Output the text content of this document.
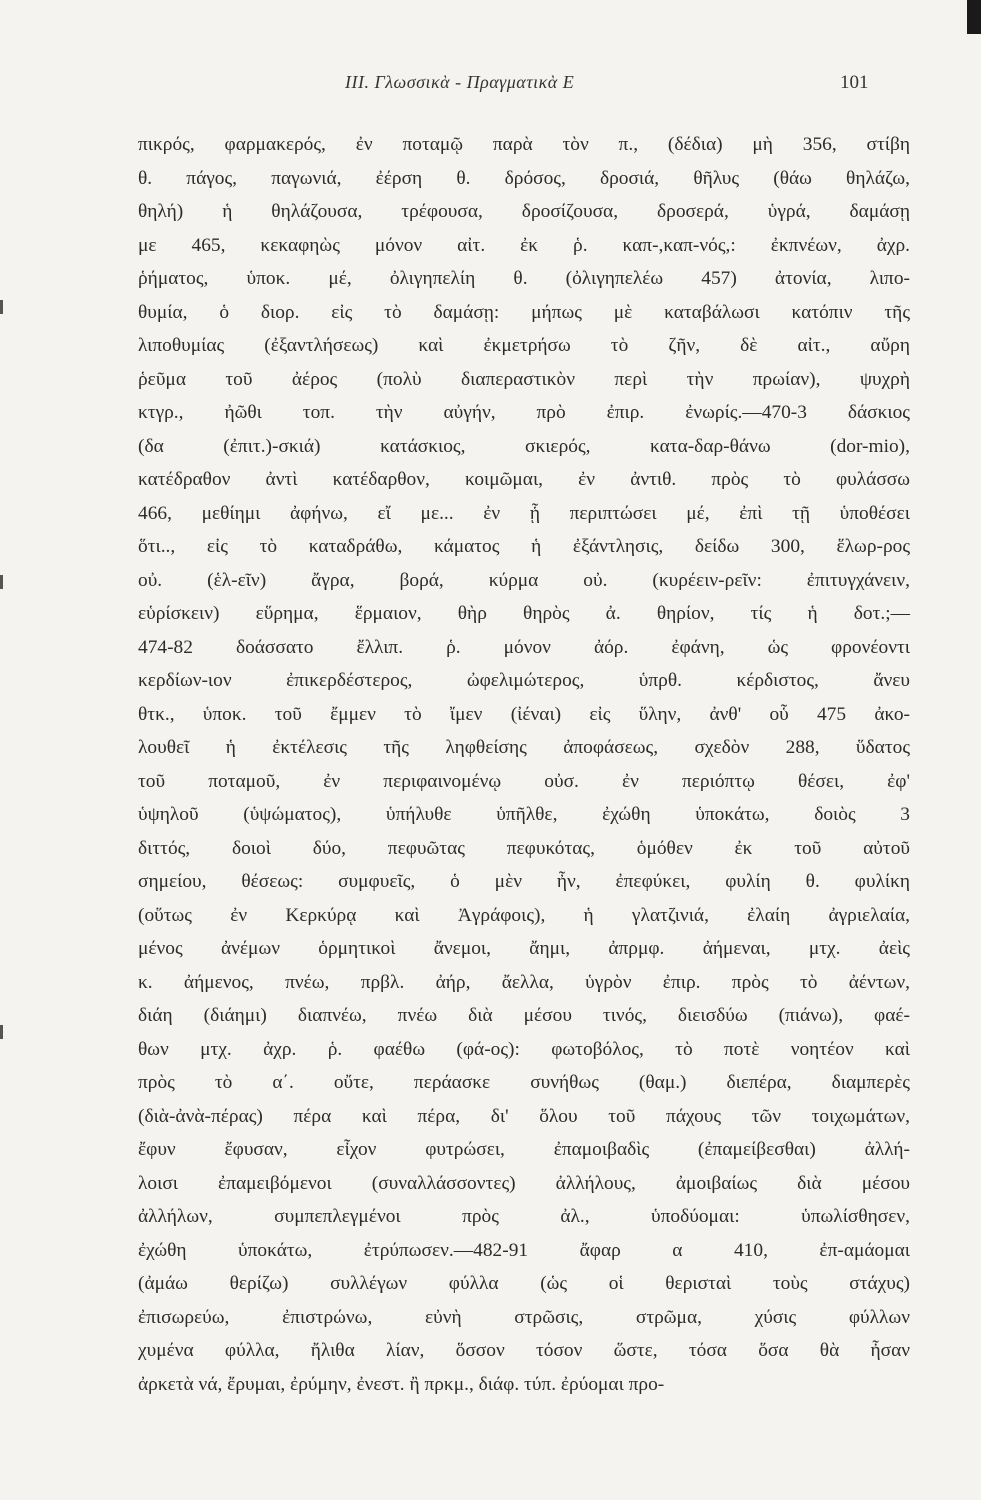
III. Γλωσσικὰ - Πραγματικὰ Ε	101
πικρός, φαρμακερός, ἐν ποταμῷ παρὰ τὸν π., (δέδια) μὴ 356, στίβη
θ. πάγος, παγωνιά, ἐέρση θ. δρόσος, δροσιά, θῆλυς (θάω θηλάζω,
θηλή) ἡ θηλάζουσα, τρέφουσα, δροσίζουσα, δροσερά, ὑγρά, δαμάσῃ
με 465, κεκαφηὼς μόνον αἰτ. ἐκ ῥ. καπ-,καπ-νός,: ἐκπνέων, ἀχρ.
ῥήματος, ὑποκ. μέ, ὀλιγηπελίη θ. (ὀλιγηπελέω 457) ἀτονία, λιπο-
θυμία, ὁ διορ. εἰς τὸ δαμάσῃ: μήπως μὲ καταβάλωσι κατόπιν τῆς
λιποθυμίας (ἐξαντλήσεως) καὶ ἐκμετρήσω τὸ ζῆν, δὲ αἰτ., αὔρη
ῥεῦμα τοῦ ἀέρος (πολὺ διαπεραστικὸν περὶ τὴν πρωίαν), ψυχρὴ
κτγρ., ἠῶθι τοπ. τὴν αὐγήν, πρὸ ἐπιρ. ἐνωρίς.—470-3 δάσκιος
(δα (ἐπιτ.)-σκιά) κατάσκιος, σκιερός, κατα-δαρ-θάνω (dor-mio),
κατέδραθον ἀντὶ κατέδαρθον, κοιμῶμαι, ἐν ἀντιθ. πρὸς τὸ φυλάσσω
466, μεθίημι ἀφήνω, εἴ με... ἐν ᾗ περιπτώσει μέ, ἐπὶ τῇ ὑποθέσει
ὅτι.., εἰς τὸ καταδράθω, κάματος ἡ ἐξάντλησις, δείδω 300, ἕλωρ-ρος
οὐ. (ἑλ-εῖν) ἄγρα, βορά, κύρμα οὐ. (κυρέειν-ρεῖν: ἐπιτυγχάνειν,
εὑρίσκειν) εὕρημα, ἕρμαιον, θὴρ θηρὸς ἀ. θηρίον, τίς ἡ δοτ.;—
474-82 δοάσσατο ἔλλιπ. ῥ. μόνον ἀόρ. ἐφάνη, ὡς φρονέοντι
κερδίων-ιον ἐπικερδέστερος, ὠφελιμώτερος, ὑπρθ. κέρδιστος, ἄνευ
θτκ., ὑποκ. τοῦ ἔμμεν τὸ ἴμεν (ἰέναι) εἰς ὕλην, ἀνθ' οὗ 475 ἀκο-
λουθεῖ ἡ ἐκτέλεσις τῆς ληφθείσης ἀποφάσεως, σχεδὸν 288, ὕδατος
τοῦ ποταμοῦ, ἐν περιφαινομένῳ οὐσ. ἐν περιόπτῳ θέσει, ἐφ'
ὑψηλοῦ (ὑψώματος), ὑπήλυθε ὑπῆλθε, ἐχώθη ὑποκάτω, δοιὸς 3
διττός, δοιοὶ δύο, πεφυῶτας πεφυκότας, ὁμόθεν ἐκ τοῦ αὐτοῦ
σημείου, θέσεως: συμφυεῖς, ὁ μὲν ἦν, ἐπεφύκει, φυλίη θ. φυλίκη
(οὕτως ἐν Κερκύρᾳ καὶ Ἀγράφοις), ἡ γλατζινιά, ἐλαίη ἀγριελαία,
μένος ἀνέμων ὁρμητικοὶ ἄνεμοι, ἄημι, ἀπρμφ. ἀήμεναι, μτχ. ἀεὶς
κ. ἀήμενος, πνέω, πρβλ. ἀήρ, ἄελλα, ὑγρὸν ἐπιρ. πρὸς τὸ ἀέντων,
διάη (διάημι) διαπνέω, πνέω διὰ μέσου τινός, διεισδύω (πιάνω), φαέ-
θων μτχ. ἀχρ. ῥ. φαέθω (φά-ος): φωτοβόλος, τὸ ποτὲ νοητέον καὶ
πρὸς τὸ α΄. οὔτε, περάασκε συνήθως (θαμ.) διεπέρα, διαμπερὲς
(διὰ-ἀνὰ-πέρας) πέρα καὶ πέρα, δι' ὅλου τοῦ πάχους τῶν τοιχωμάτων,
ἔφυν ἔφυσαν, εἶχον φυτρώσει, ἐπαμοιβαδὶς (ἐπαμείβεσθαι) ἀλλή-
λοισι ἐπαμειβόμενοι (συναλλάσσοντες) ἀλλήλους, ἀμοιβαίως διὰ μέσου
ἀλλήλων, συμπεπλεγμένοι πρὸς ἀλ., ὑποδύομαι: ὑπωλίσθησεν,
ἐχώθη ὑποκάτω, ἐτρύπωσεν.—482-91 ἄφαρ α 410, ἐπ-αμάομαι
(ἀμάω θερίζω) συλλέγων φύλλα (ὡς οἱ θερισταὶ τοὺς στάχυς)
ἐπισωρεύω, ἐπιστρώνω, εὐνὴ στρῶσις, στρῶμα, χύσις φύλλων
χυμένα φύλλα, ἤλιθα λίαν, ὅσσον τόσον ὥστε, τόσα ὅσα θὰ ἦσαν
ἀρκετὰ νά, ἔρυμαι, ἐρύμην, ἐνεστ. ἢ πρκμ., διάφ. τύπ. ἐρύομαι προ-
